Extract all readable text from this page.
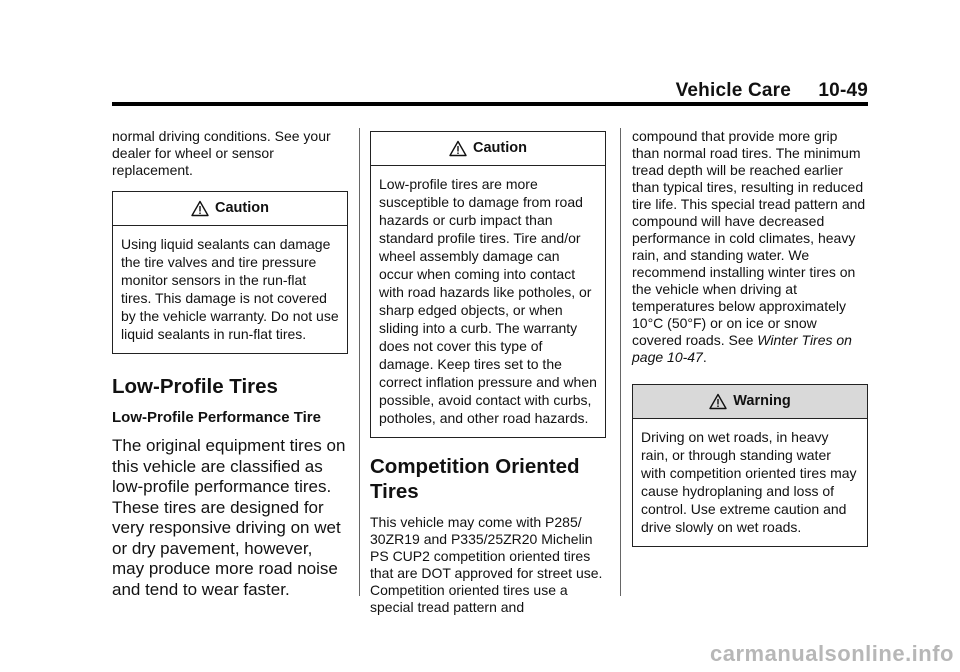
Vehicle Care     10-49

normal driving conditions. See your dealer for wheel or sensor replacement.

Caution
Using liquid sealants can damage the tire valves and tire pressure monitor sensors in the run-flat tires. This damage is not covered by the vehicle warranty. Do not use liquid sealants in run-flat tires.
Low-Profile Tires
Low-Profile Performance Tire

The original equipment tires on this vehicle are classified as low-profile performance tires. These tires are designed for very responsive driving on wet or dry pavement, however, may produce more road noise and tend to wear faster.

Caution
Low-profile tires are more susceptible to damage from road hazards or curb impact than standard profile tires. Tire and/or wheel assembly damage can occur when coming into contact with road hazards like potholes, or sharp edged objects, or when sliding into a curb. The warranty does not cover this type of damage. Keep tires set to the correct inflation pressure and when possible, avoid contact with curbs, potholes, and other road hazards.
Competition Oriented Tires

This vehicle may come with P285/ 30ZR19 and P335/25ZR20 Michelin PS CUP2 competition oriented tires that are DOT approved for street use. Competition oriented tires use a special tread pattern and

compound that provide more grip than normal road tires. The minimum tread depth will be reached earlier than typical tires, resulting in reduced tire life. This special tread pattern and compound will have decreased performance in cold climates, heavy rain, and standing water. We recommend installing winter tires on the vehicle when driving at temperatures below approximately 10°C (50°F) or on ice or snow covered roads. See Winter Tires on page 10-47.

Warning
Driving on wet roads, in heavy rain, or through standing water with competition oriented tires may cause hydroplaning and loss of control. Use extreme caution and drive slowly on wet roads.
carmanualsonline.info
